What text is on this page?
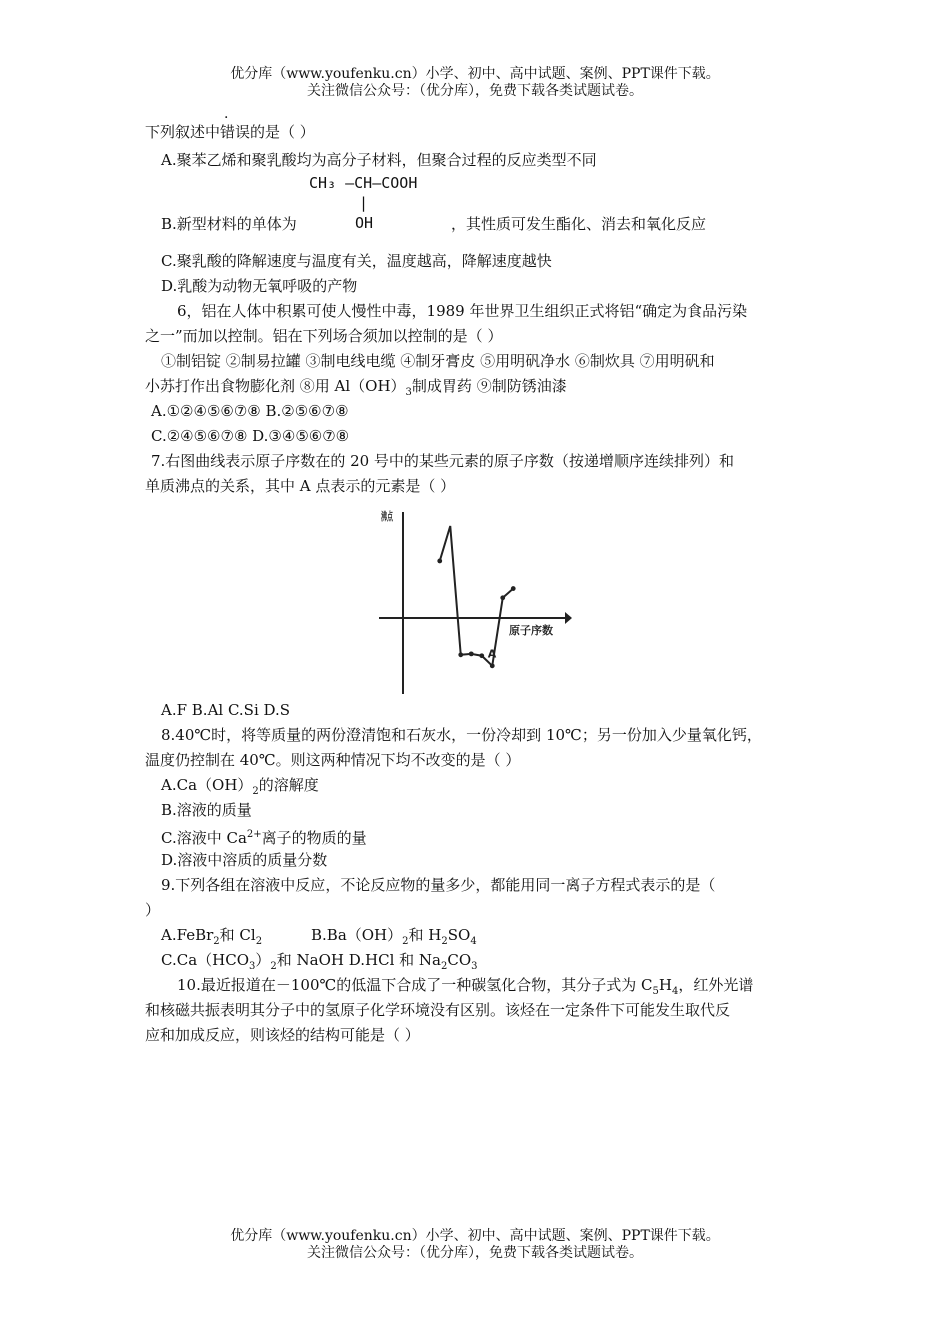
优分库（www.youfenku.cn）小学、初中、高中试题、案例、PPT课件下载。
关注微信公众号：（优分库），免费下载各类试题试卷。
下列叙述中错误的是（ ）
A.聚苯乙烯和聚乳酸均为高分子材料，但聚合过程的反应类型不同
CH₃ —CH—COOH
|
B.新型材料的单体为	OH	，其性质可发生酯化、消去和氧化反应
C.聚乳酸的降解速度与温度有关，温度越高，降解速度越快
D.乳酸为动物无氧呼吸的产物
6，铝在人体中积累可使人慢性中毒，1989 年世界卫生组织正式将铝“确定为食品污染
之一”而加以控制。铝在下列场合须加以控制的是（ ）
①制铝锭 ②制易拉罐 ③制电线电缆 ④制牙膏皮 ⑤用明矾净水 ⑥制炊具 ⑦用明矾和
小苏打作出食物膨化剂 ⑧用 $Al(OH)_3$制成胃药 ⑨制防锈油漆
A.①②④⑤⑥⑦⑧ B.②⑤⑥⑦⑧
C.②④⑤⑥⑦⑧ D.③④⑤⑥⑦⑧
7.右图曲线表示原子序数在的 20 号中的某些元素的原子序数（按递增顺序连续排列）和
单质沸点的关系，其中 A 点表示的元素是（ ）
沸点
原子序数
A
A.F B.Al C.Si D.S
8.40℃时，将等质量的两份澄清饱和石灰水，一份冷却到 10℃；另一份加入少量氧化钙，
温度仍控制在 40℃。则这两种情况下均不改变的是（ ）
$A.Ca(OH)_2$的溶解度
B.溶液的质量
C.溶液中 $Ca^{2+}$离子的物质的量
D.溶液中溶质的质量分数
9.下列各组在溶液中反应，不论反应物的量多少，都能用同一离子方程式表示的是（
）
A.FeBr$_2$和 $Cl_2$	$B.Ba(OH)_2$和 $H_2SO_4$
$C.Ca(HCO_3)_2$和 NaOH D.HCl 和 $Na_2CO_3$
10.最近报道在－100℃的低温下合成了一种碳氢化合物，其分子式为 $C_5H_4$，红外光谱
和核磁共振表明其分子中的氢原子化学环境没有区别。该烃在一定条件下可能发生取代反
应和加成反应，则该烃的结构可能是（ ）
优分库（www.youfenku.cn）小学、初中、高中试题、案例、PPT课件下载。
关注微信公众号：（优分库），免费下载各类试题试卷。
